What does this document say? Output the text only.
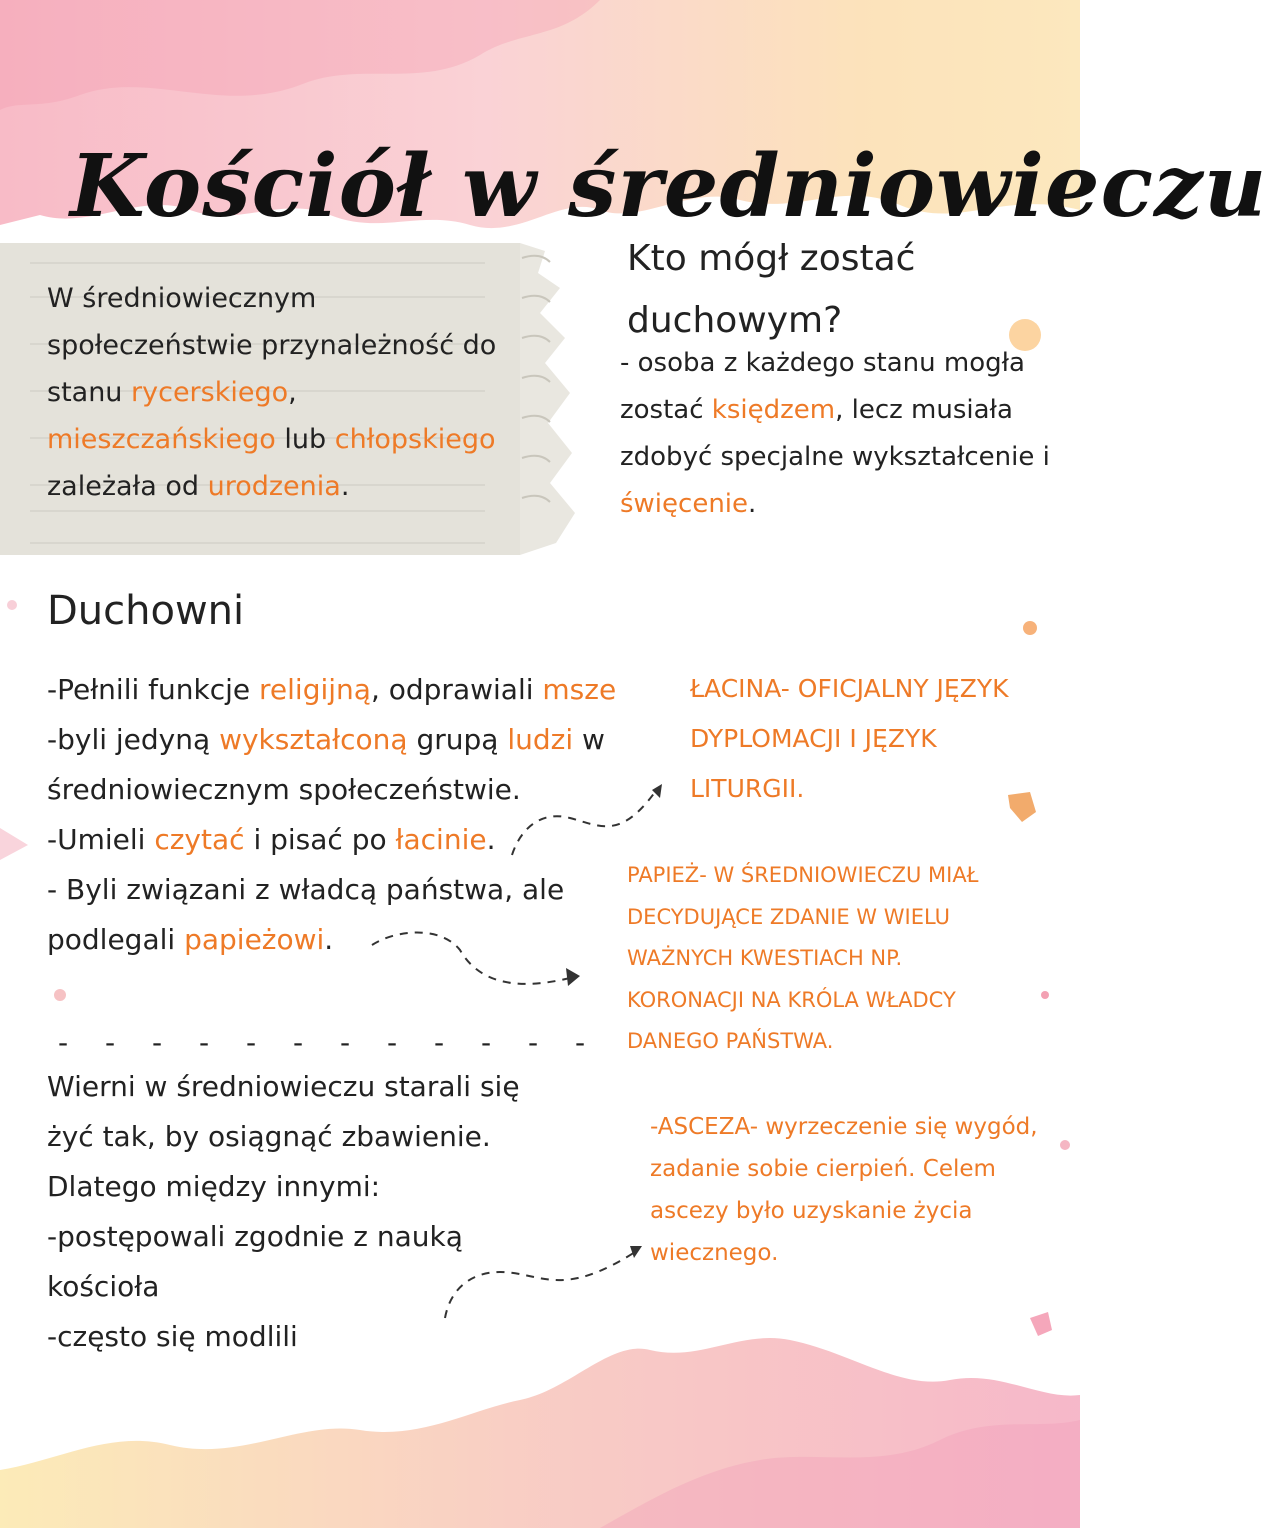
Kościół w średniowieczu
W średniowiecznym
społeczeństwie przynależność do
stanu rycerskiego,
mieszczańskiego lub chłopskiego
zależała od urodzenia.
Kto mógł zostać
duchowym?
- osoba z każdego stanu mogła
zostać księdzem, lecz musiała
zdobyć specjalne wykształcenie i
święcenie.
Duchowni
-Pełnili funkcje religijną, odprawiali msze
-byli jedyną wykształconą grupą ludzi w
średniowiecznym społeczeństwie.
-Umieli czytać i pisać po łacinie.
- Byli związani z władcą państwa, ale
podlegali papieżowi.
- - - - - - - - - - - -
Wierni w średniowieczu starali się
żyć tak, by osiągnąć zbawienie.
Dlatego między innymi:
-postępowali zgodnie z nauką
kościoła
-często się modlili
ŁACINA- OFICJALNY JĘZYK
DYPLOMACJI I JĘZYK
LITURGII.
PAPIEŻ- W ŚREDNIOWIECZU MIAŁ
DECYDUJĄCE ZDANIE W WIELU
WAŻNYCH KWESTIACH NP.
KORONACJI NA KRÓLA WŁADCY
DANEGO PAŃSTWA.
-ASCEZA- wyrzeczenie się wygód,
zadanie sobie cierpień. Celem
ascezy było uzyskanie życia
wiecznego.
